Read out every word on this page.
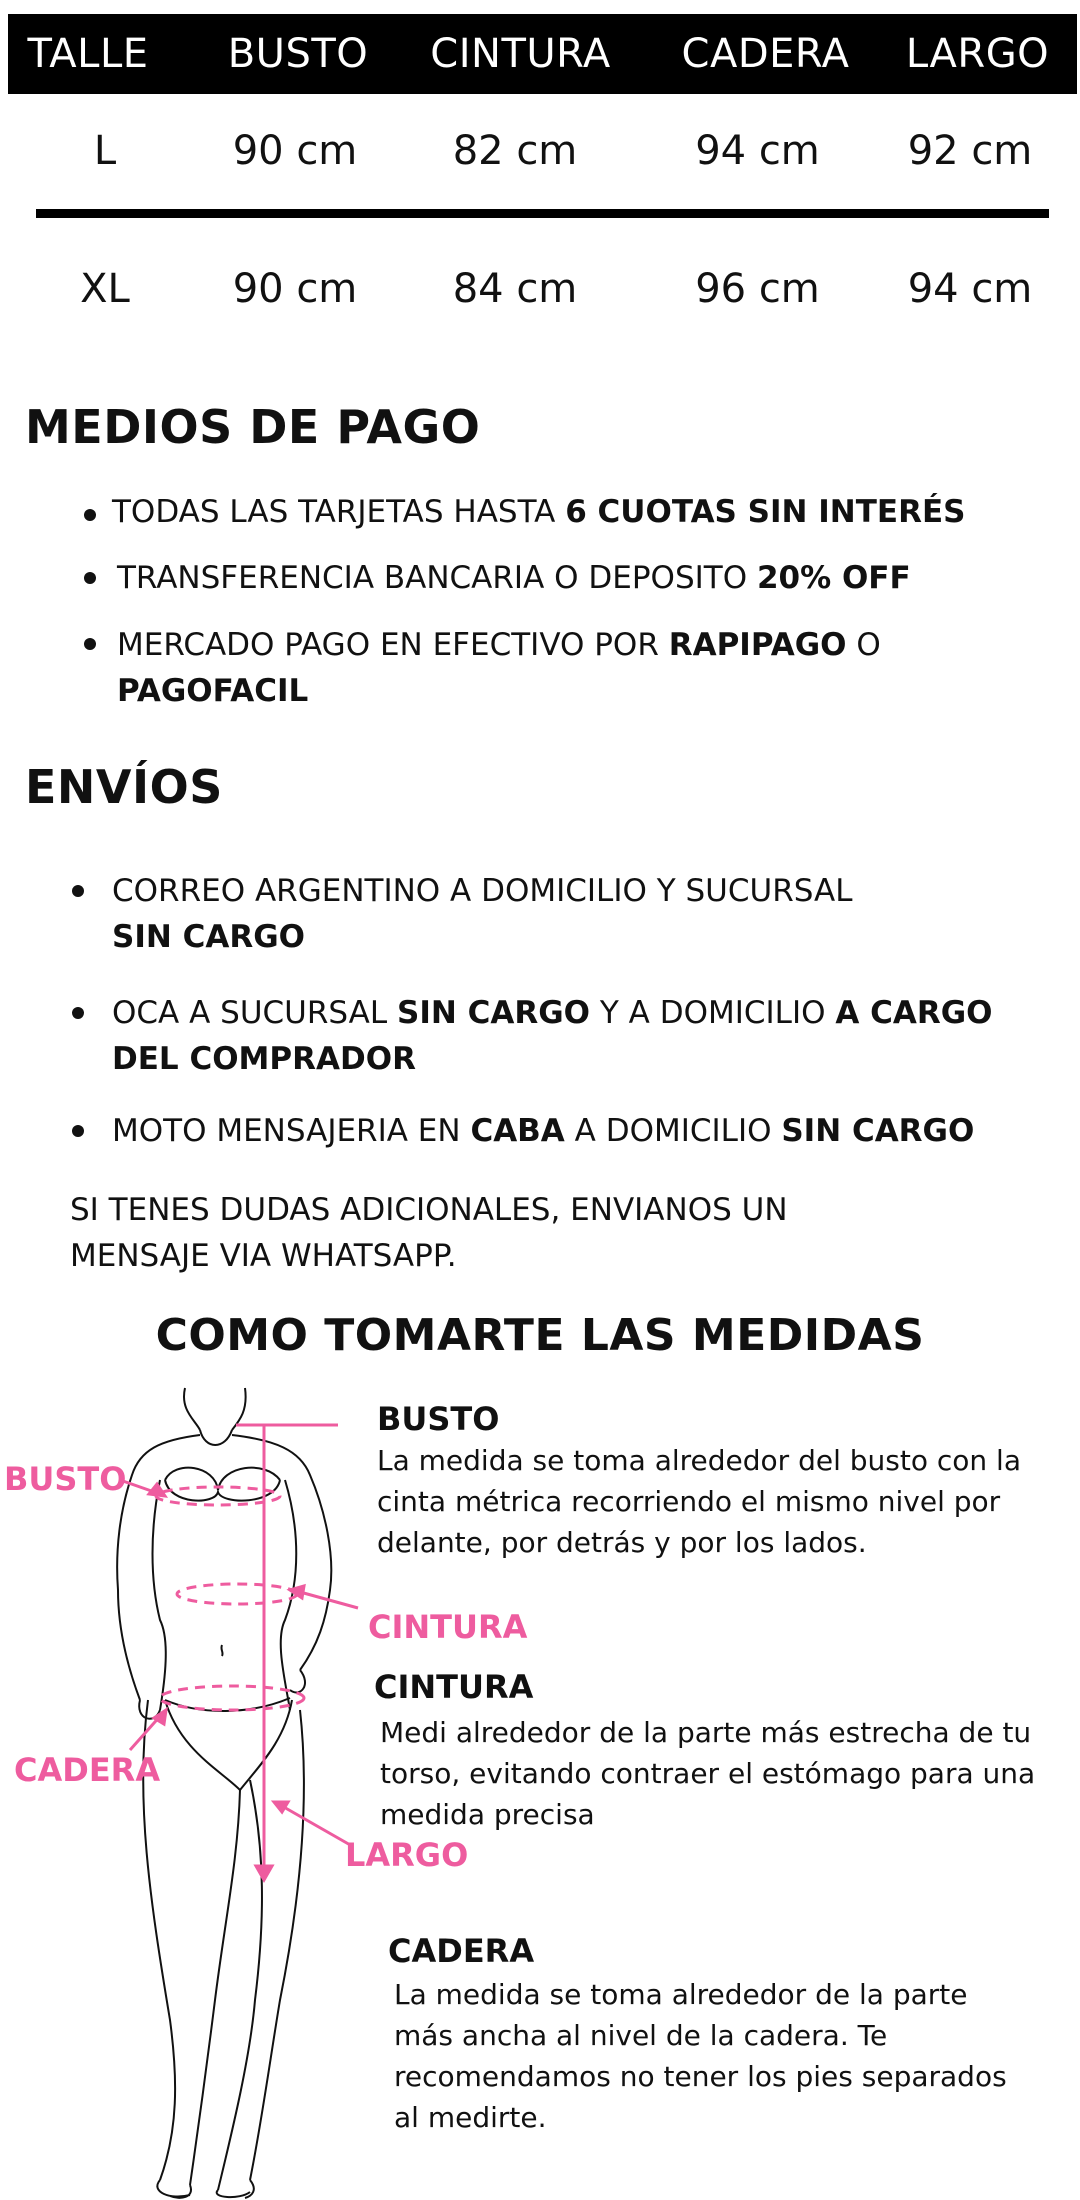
TALLE	BUSTO	CINTURA	CADERA	LARGO
L	90 cm	82 cm	94 cm	92 cm
XL	90 cm	84 cm	96 cm	94 cm
MEDIOS DE PAGO
TODAS LAS TARJETAS HASTA 6 CUOTAS SIN INTERÉS
TRANSFERENCIA BANCARIA O DEPOSITO 20% OFF
MERCADO PAGO EN EFECTIVO POR RAPIPAGO O
PAGOFACIL
ENVÍOS
CORREO ARGENTINO A DOMICILIO Y SUCURSAL
SIN CARGO
OCA A SUCURSAL SIN CARGO Y A DOMICILIO A CARGO
DEL COMPRADOR
MOTO MENSAJERIA EN CABA A DOMICILIO SIN CARGO
SI TENES DUDAS ADICIONALES, ENVIANOS UN
MENSAJE VIA WHATSAPP.
COMO TOMARTE LAS MEDIDAS
BUSTO
CINTURA
CADERA
LARGO
BUSTO
La medida se toma alrededor del busto con la
cinta métrica recorriendo el mismo nivel por
delante, por detrás y por los lados.
CINTURA
Medi alrededor de la parte más estrecha de tu
torso, evitando contraer el estómago para una
medida precisa
CADERA
La medida se toma alrededor de la parte
más ancha al nivel de la cadera. Te
recomendamos no tener los pies separados
al medirte.
